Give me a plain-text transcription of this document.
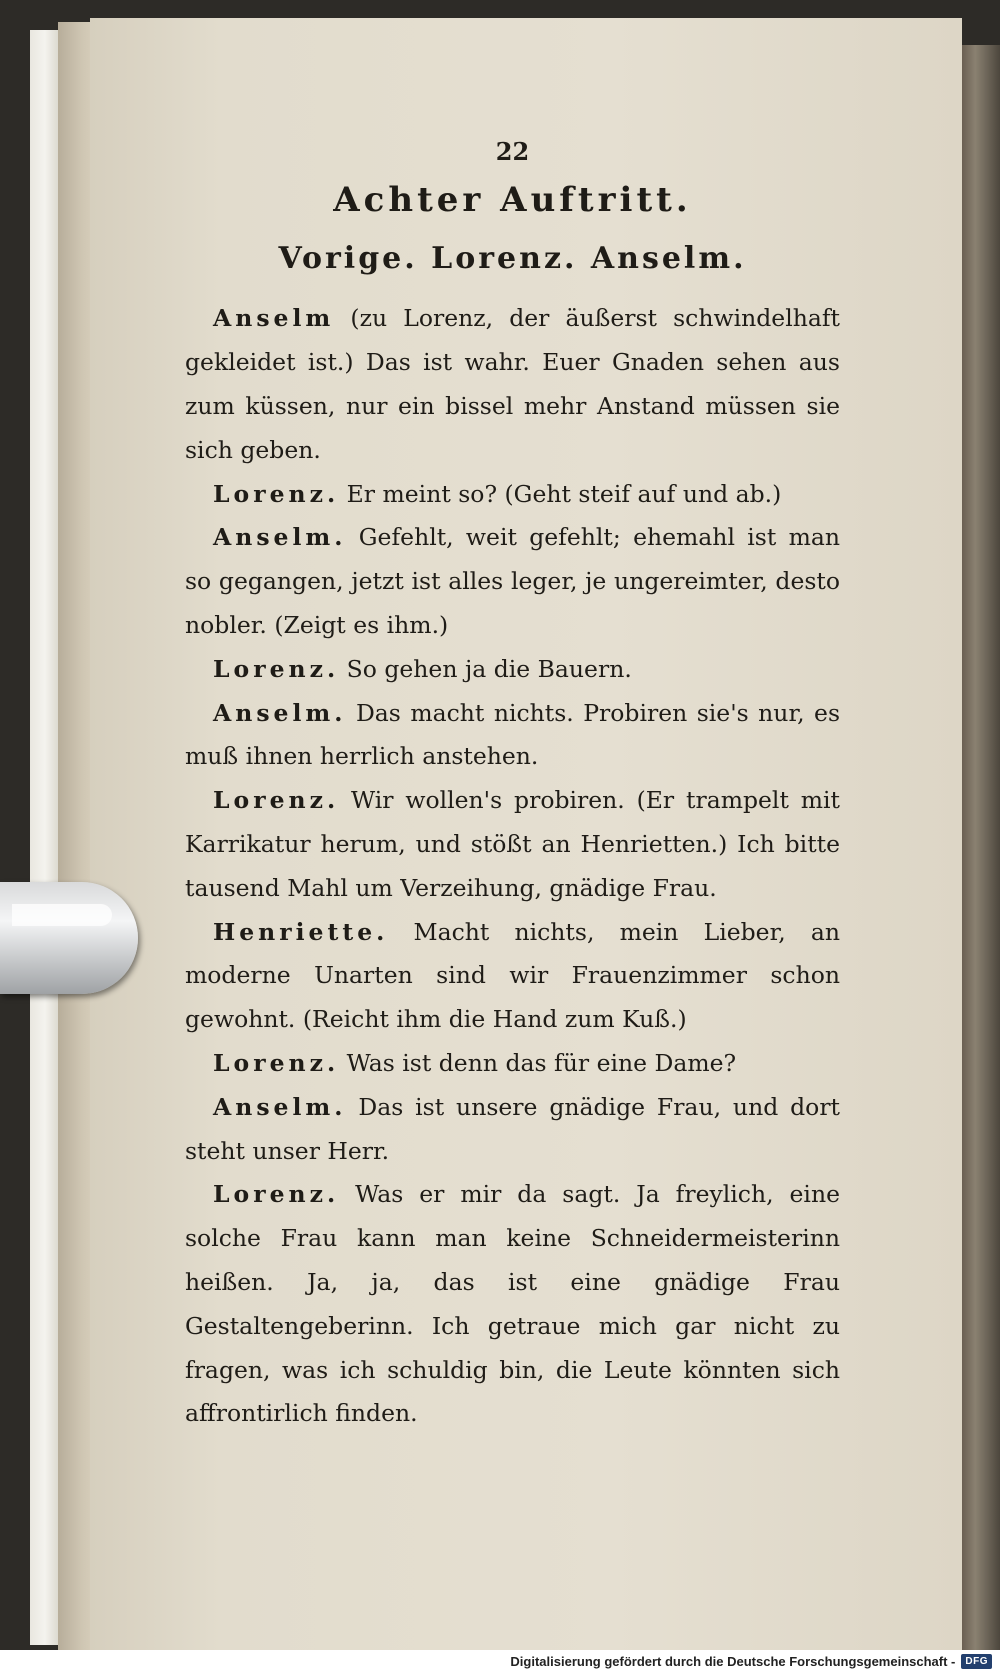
22
Achter Auftritt.
Vorige. Lorenz. Anselm.

Anselm (zu Lorenz, der äußerst schwindelhaft gekleidet ist.) Das ist wahr. Euer Gnaden sehen aus zum küssen, nur ein bissel mehr Anstand müssen sie sich geben.

Lorenz. Er meint so? (Geht steif auf und ab.)

Anselm. Gefehlt, weit gefehlt; ehemahl ist man so gegangen, jetzt ist alles leger, je ungereimter, desto nobler. (Zeigt es ihm.)

Lorenz. So gehen ja die Bauern.

Anselm. Das macht nichts. Probiren sie's nur, es muß ihnen herrlich anstehen.

Lorenz. Wir wollen's probiren. (Er trampelt mit Karrikatur herum, und stößt an Henrietten.) Ich bitte tausend Mahl um Verzeihung, gnädige Frau.

Henriette. Macht nichts, mein Lieber, an moderne Unarten sind wir Frauenzimmer schon gewohnt. (Reicht ihm die Hand zum Kuß.)

Lorenz. Was ist denn das für eine Dame?

Anselm. Das ist unsere gnädige Frau, und dort steht unser Herr.

Lorenz. Was er mir da sagt. Ja freylich, eine solche Frau kann man keine Schneidermeisterinn heißen. Ja, ja, das ist eine gnädige Frau Gestaltengeberinn. Ich getraue mich gar nicht zu fragen, was ich schuldig bin, die Leute könnten sich affrontirlich finden.

Digitalisierung gefördert durch die Deutsche Forschungsgemeinschaft -	DFG
